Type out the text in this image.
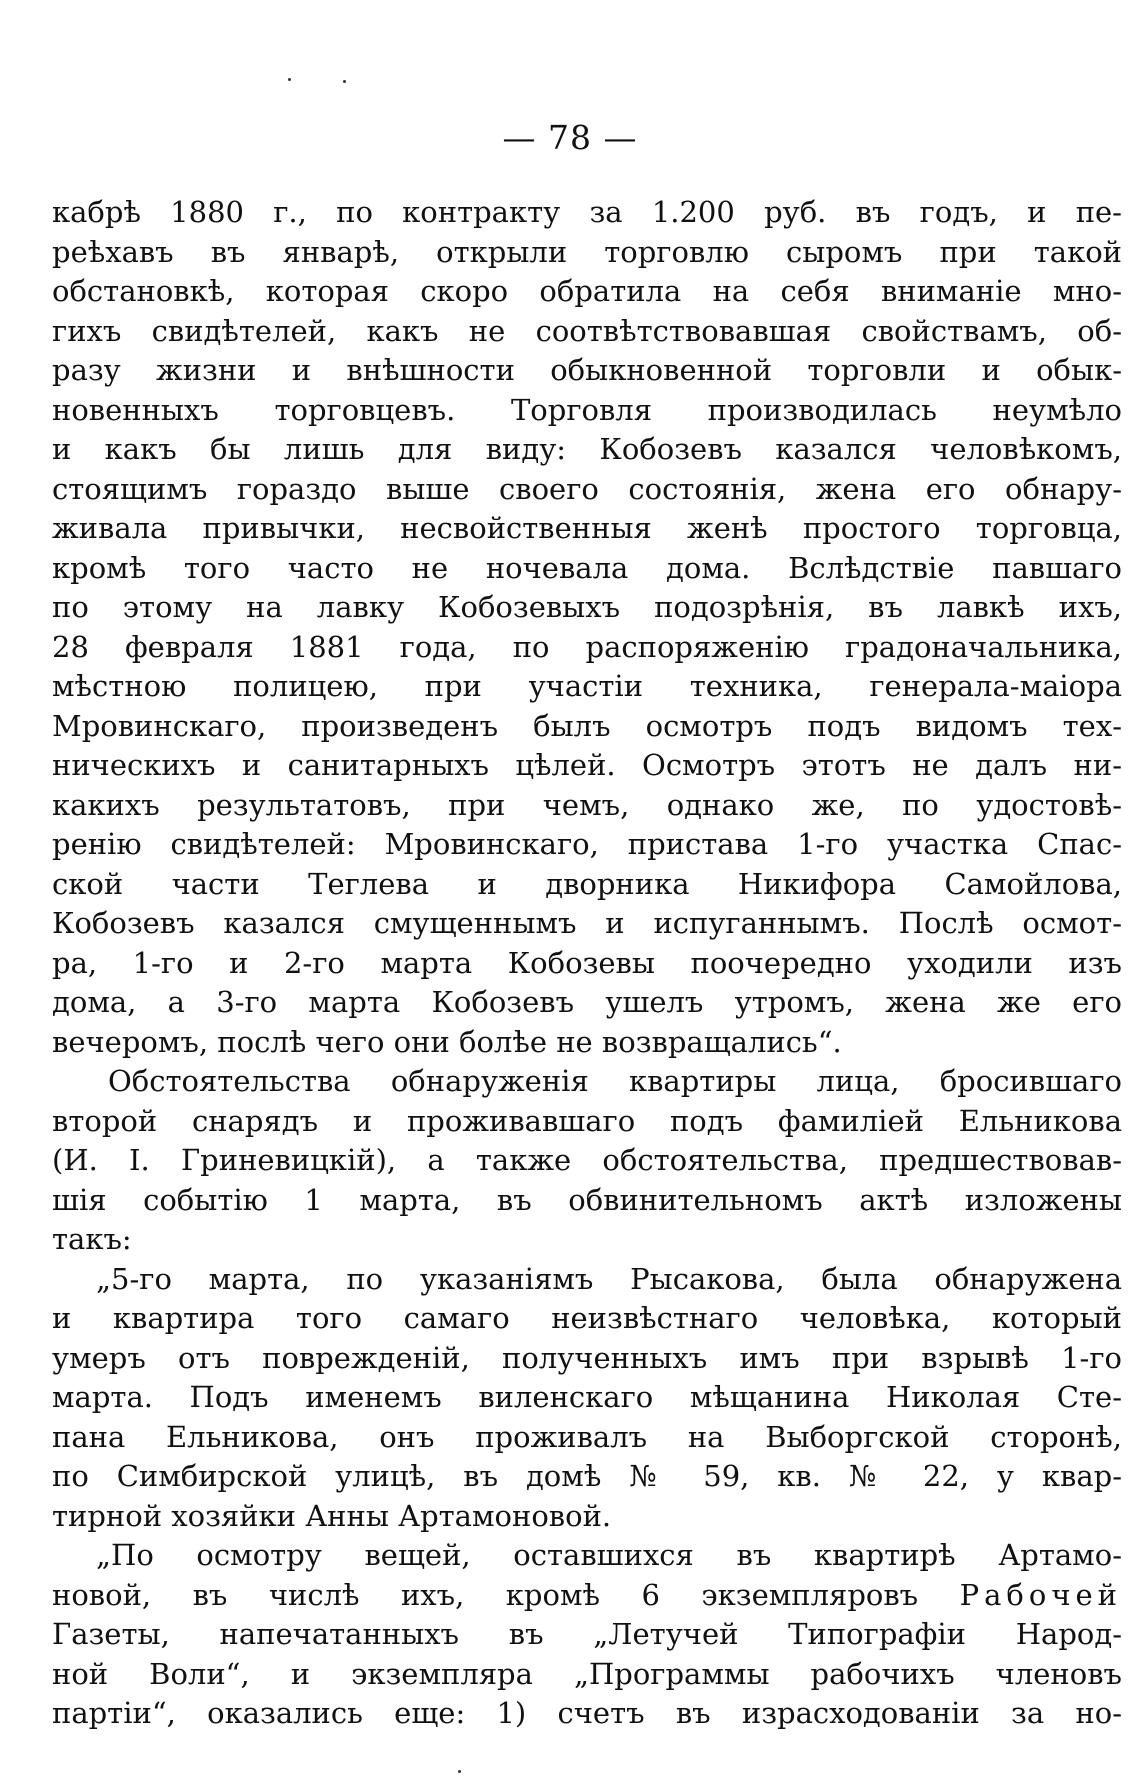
— 78 —
кабрѣ 1880 г., по контракту за 1.200 руб. въ годъ, и пе-
реѣхавъ въ январѣ, открыли торговлю сыромъ при такой
обстановкѣ, которая скоро обратила на себя вниманіе мно-
гихъ свидѣтелей, какъ не соотвѣтствовавшая свойствамъ, об-
разу жизни и внѣшности обыкновенной торговли и обык-
новенныхъ торговцевъ. Торговля производилась неумѣло
и какъ бы лишь для виду: Кобозевъ казался человѣкомъ,
стоящимъ гораздо выше своего состоянія, жена его обнару-
живала привычки, несвойственныя женѣ простого торговца,
кромѣ того часто не ночевала дома. Вслѣдствіе павшаго
по этому на лавку Кобозевыхъ подозрѣнія, въ лавкѣ ихъ,
28 февраля 1881 года, по распоряженію градоначальника,
мѣстною полицею, при участіи техника, генерала-маіора
Мровинскаго, произведенъ былъ осмотръ подъ видомъ тех-
ническихъ и санитарныхъ цѣлей. Осмотръ этотъ не далъ ни-
какихъ результатовъ, при чемъ, однако же, по удостовѣ-
ренію свидѣтелей: Мровинскаго, пристава 1-го участка Спас-
ской части Теглева и дворника Никифора Самойлова,
Кобозевъ казался смущеннымъ и испуганнымъ. Послѣ осмот-
ра, 1-го и 2-го марта Кобозевы поочередно уходили изъ
дома, а 3-го марта Кобозевъ ушелъ утромъ, жена же его
вечеромъ, послѣ чего они болѣе не возвращались“.
Обстоятельства обнаруженія квартиры лица, бросившаго
второй снарядъ и проживавшаго подъ фамиліей Ельникова
(И. І. Гриневицкій), а также обстоятельства, предшествовав-
шія событію 1 марта, въ обвинительномъ актѣ изложены
такъ:
„5-го марта, по указаніямъ Рысакова, была обнаружена
и квартира того самаго неизвѣстнаго человѣка, который
умеръ отъ поврежденій, полученныхъ имъ при взрывѣ 1-го
марта. Подъ именемъ виленскаго мѣщанина Николая Сте-
пана Ельникова, онъ проживалъ на Выборгской сторонѣ,
по Симбирской улицѣ, въ домѣ № 59, кв. № 22, у квар-
тирной хозяйки Анны Артамоновой.
„По осмотру вещей, оставшихся въ квартирѣ Артамо-
новой, въ числѣ ихъ, кромѣ 6 экземпляровъ Рабочей
Газеты, напечатанныхъ въ „Летучей Типографіи Народ-
ной Воли“, и экземпляра „Программы рабочихъ членовъ
партіи“, оказались еще: 1) счетъ въ израсходованіи за но-
